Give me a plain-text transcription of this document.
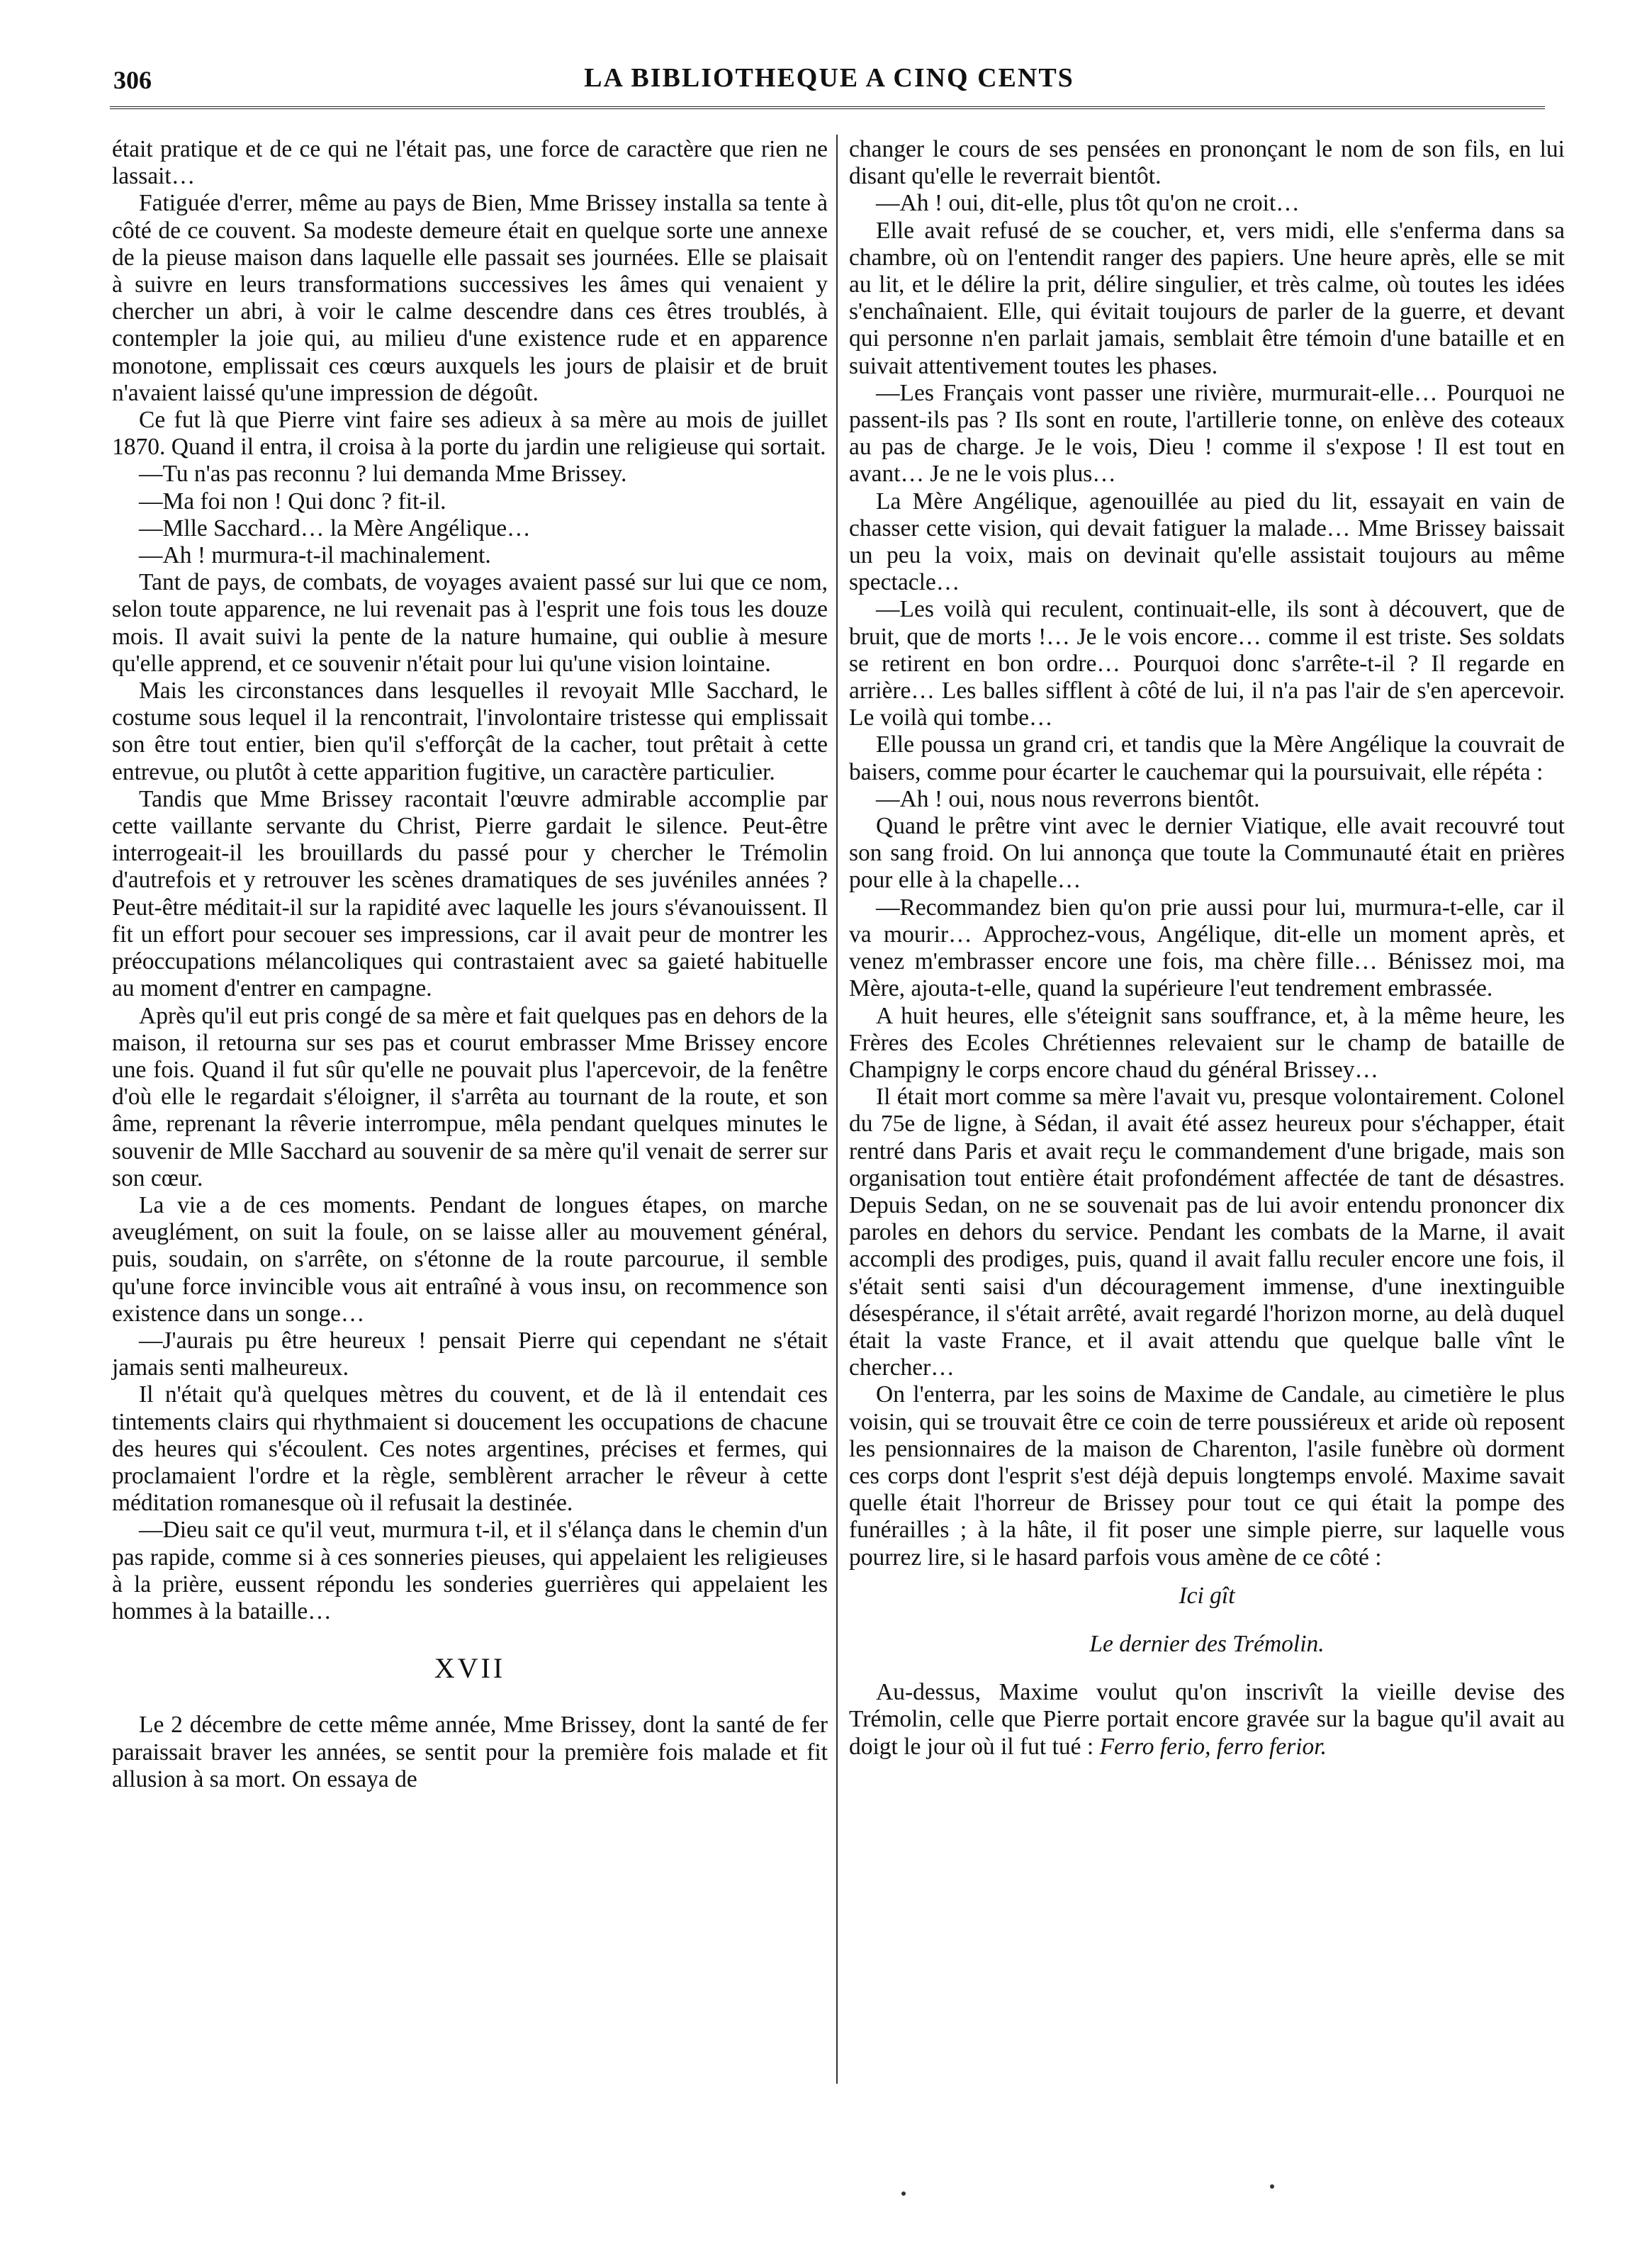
306	LA BIBLIOTHEQUE A CINQ CENTS

était pratique et de ce qui ne l'était pas, une force de caractère que rien ne lassait…

Fatiguée d'errer, même au pays de Bien, Mme Brissey installa sa tente à côté de ce couvent. Sa modeste demeure était en quelque sorte une annexe de la pieuse maison dans laquelle elle passait ses journées. Elle se plaisait à suivre en leurs transformations successives les âmes qui venaient y chercher un abri, à voir le calme descendre dans ces êtres troublés, à contempler la joie qui, au milieu d'une existence rude et en apparence monotone, emplissait ces cœurs auxquels les jours de plaisir et de bruit n'avaient laissé qu'une impression de dégoût.

Ce fut là que Pierre vint faire ses adieux à sa mère au mois de juillet 1870. Quand il entra, il croisa à la porte du jardin une religieuse qui sortait.

—Tu n'as pas reconnu ? lui demanda Mme Brissey.

—Ma foi non ! Qui donc ? fit-il.

—Mlle Sacchard… la Mère Angélique…

—Ah ! murmura-t-il machinalement.

Tant de pays, de combats, de voyages avaient passé sur lui que ce nom, selon toute apparence, ne lui revenait pas à l'esprit une fois tous les douze mois. Il avait suivi la pente de la nature humaine, qui oublie à mesure qu'elle apprend, et ce souvenir n'était pour lui qu'une vision lointaine.

Mais les circonstances dans lesquelles il revoyait Mlle Sacchard, le costume sous lequel il la rencontrait, l'involontaire tristesse qui emplissait son être tout entier, bien qu'il s'efforçât de la cacher, tout prêtait à cette entrevue, ou plutôt à cette apparition fugitive, un caractère particulier.

Tandis que Mme Brissey racontait l'œuvre admirable accomplie par cette vaillante servante du Christ, Pierre gardait le silence. Peut-être interrogeait-il les brouillards du passé pour y chercher le Trémolin d'autrefois et y retrouver les scènes dramatiques de ses juvéniles années ? Peut-être méditait-il sur la rapidité avec laquelle les jours s'évanouissent. Il fit un effort pour secouer ses impressions, car il avait peur de montrer les préoccupations mélancoliques qui contrastaient avec sa gaieté habituelle au moment d'entrer en campagne.

Après qu'il eut pris congé de sa mère et fait quelques pas en dehors de la maison, il retourna sur ses pas et courut embrasser Mme Brissey encore une fois. Quand il fut sûr qu'elle ne pouvait plus l'apercevoir, de la fenêtre d'où elle le regardait s'éloigner, il s'arrêta au tournant de la route, et son âme, reprenant la rêverie interrompue, mêla pendant quelques minutes le souvenir de Mlle Sacchard au souvenir de sa mère qu'il venait de serrer sur son cœur.

La vie a de ces moments. Pendant de longues étapes, on marche aveuglément, on suit la foule, on se laisse aller au mouvement général, puis, soudain, on s'arrête, on s'étonne de la route parcourue, il semble qu'une force invincible vous ait entraîné à vous insu, on recommence son existence dans un songe…

—J'aurais pu être heureux ! pensait Pierre qui cependant ne s'était jamais senti malheureux.

Il n'était qu'à quelques mètres du couvent, et de là il entendait ces tintements clairs qui rhythmaient si doucement les occupations de chacune des heures qui s'écoulent. Ces notes argentines, précises et fermes, qui proclamaient l'ordre et la règle, semblèrent arracher le rêveur à cette méditation romanesque où il refusait la destinée.

—Dieu sait ce qu'il veut, murmura t-il, et il s'élança dans le chemin d'un pas rapide, comme si à ces sonneries pieuses, qui appelaient les religieuses à la prière, eussent répondu les sonderies guerrières qui appelaient les hommes à la bataille…

XVII

Le 2 décembre de cette même année, Mme Brissey, dont la santé de fer paraissait braver les années, se sentit pour la première fois malade et fit allusion à sa mort. On essaya de

changer le cours de ses pensées en prononçant le nom de son fils, en lui disant qu'elle le reverrait bientôt.

—Ah ! oui, dit-elle, plus tôt qu'on ne croit…

Elle avait refusé de se coucher, et, vers midi, elle s'enferma dans sa chambre, où on l'entendit ranger des papiers. Une heure après, elle se mit au lit, et le délire la prit, délire singulier, et très calme, où toutes les idées s'enchaînaient. Elle, qui évitait toujours de parler de la guerre, et devant qui personne n'en parlait jamais, semblait être témoin d'une bataille et en suivait attentivement toutes les phases.

—Les Français vont passer une rivière, murmurait-elle… Pourquoi ne passent-ils pas ? Ils sont en route, l'artillerie tonne, on enlève des coteaux au pas de charge. Je le vois, Dieu ! comme il s'expose ! Il est tout en avant… Je ne le vois plus…

La Mère Angélique, agenouillée au pied du lit, essayait en vain de chasser cette vision, qui devait fatiguer la malade… Mme Brissey baissait un peu la voix, mais on devinait qu'elle assistait toujours au même spectacle…

—Les voilà qui reculent, continuait-elle, ils sont à découvert, que de bruit, que de morts !… Je le vois encore… comme il est triste. Ses soldats se retirent en bon ordre… Pourquoi donc s'arrête-t-il ? Il regarde en arrière… Les balles sifflent à côté de lui, il n'a pas l'air de s'en apercevoir. Le voilà qui tombe…

Elle poussa un grand cri, et tandis que la Mère Angélique la couvrait de baisers, comme pour écarter le cauchemar qui la poursuivait, elle répéta :

—Ah ! oui, nous nous reverrons bientôt.

Quand le prêtre vint avec le dernier Viatique, elle avait recouvré tout son sang froid. On lui annonça que toute la Communauté était en prières pour elle à la chapelle…

—Recommandez bien qu'on prie aussi pour lui, murmura-t-elle, car il va mourir… Approchez-vous, Angélique, dit-elle un moment après, et venez m'embrasser encore une fois, ma chère fille… Bénissez moi, ma Mère, ajouta-t-elle, quand la supérieure l'eut tendrement embrassée.

A huit heures, elle s'éteignit sans souffrance, et, à la même heure, les Frères des Ecoles Chrétiennes relevaient sur le champ de bataille de Champigny le corps encore chaud du général Brissey…

Il était mort comme sa mère l'avait vu, presque volontairement. Colonel du 75e de ligne, à Sédan, il avait été assez heureux pour s'échapper, était rentré dans Paris et avait reçu le commandement d'une brigade, mais son organisation tout entière était profondément affectée de tant de désastres. Depuis Sedan, on ne se souvenait pas de lui avoir entendu prononcer dix paroles en dehors du service. Pendant les combats de la Marne, il avait accompli des prodiges, puis, quand il avait fallu reculer encore une fois, il s'était senti saisi d'un découragement immense, d'une inextinguible désespérance, il s'était arrêté, avait regardé l'horizon morne, au delà duquel était la vaste France, et il avait attendu que quelque balle vînt le chercher…

On l'enterra, par les soins de Maxime de Candale, au cimetière le plus voisin, qui se trouvait être ce coin de terre poussiéreux et aride où reposent les pensionnaires de la maison de Charenton, l'asile funèbre où dorment ces corps dont l'esprit s'est déjà depuis longtemps envolé. Maxime savait quelle était l'horreur de Brissey pour tout ce qui était la pompe des funérailles ; à la hâte, il fit poser une simple pierre, sur laquelle vous pourrez lire, si le hasard parfois vous amène de ce côté :

Ici gît
Le dernier des Trémolin.

Au-dessus, Maxime voulut qu'on inscrivît la vieille devise des Trémolin, celle que Pierre portait encore gravée sur la bague qu'il avait au doigt le jour où il fut tué : Ferro ferio, ferro ferior.
